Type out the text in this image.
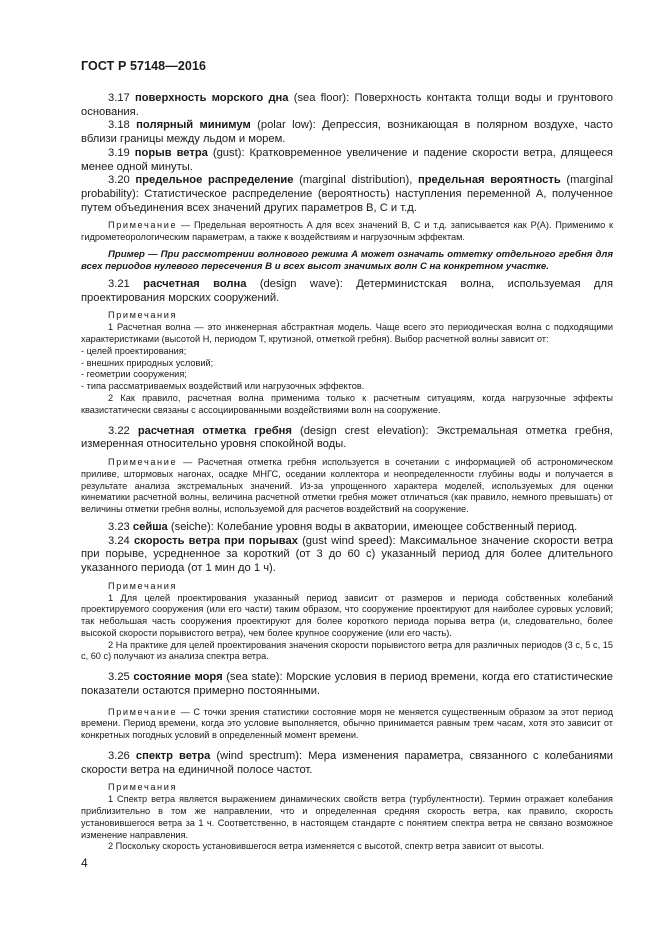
ГОСТ Р 57148—2016

3.17 поверхность морского дна (sea floor): Поверхность контакта толщи воды и грунтового основания.

3.18 полярный минимум (polar low): Депрессия, возникающая в полярном воздухе, часто вблизи границы между льдом и морем.

3.19 порыв ветра (gust): Кратковременное увеличение и падение скорости ветра, длящееся менее одной минуты.

3.20 предельное распределение (marginal distribution), предельная вероятность (marginal probability): Статистическое распределение (вероятность) наступления переменной A, полученное путем объединения всех значений других параметров B, C и т.д.

Примечание — Предельная вероятность A для всех значений B, C и т.д. записывается как P(A). Применимо к гидрометеорологическим параметрам, а также к воздействиям и нагрузочным эффектам.

Пример — При рассмотрении волнового режима A может означать отметку отдельного гребня для всех периодов нулевого пересечения B и всех высот значимых волн C на конкретном участке.

3.21 расчетная волна (design wave): Детерминистская волна, используемая для проектирования морских сооружений.

Примечания

1 Расчетная волна — это инженерная абстрактная модель. Чаще всего это периодическая волна с подходящими характеристиками (высотой H, периодом T, крутизной, отметкой гребня). Выбор расчетной волны зависит от:

- целей проектирования;

- внешних природных условий;

- геометрии сооружения;

- типа рассматриваемых воздействий или нагрузочных эффектов.

2 Как правило, расчетная волна применима только к расчетным ситуациям, когда нагрузочные эффекты квазистатически связаны с ассоциированными воздействиями волн на сооружение.

3.22 расчетная отметка гребня (design crest elevation): Экстремальная отметка гребня, измеренная относительно уровня спокойной воды.

Примечание — Расчетная отметка гребня используется в сочетании с информацией об астрономическом приливе, штормовых нагонах, осадке МНГС, оседании коллектора и неопределенности глубины воды и получается в результате анализа экстремальных значений. Из-за упрощенного характера моделей, используемых для оценки кинематики расчетной волны, величина расчетной отметки гребня может отличаться (как правило, немного превышать) от величины отметки гребня волны, используемой для расчетов воздействий на сооружение.

3.23 сейша (seiche): Колебание уровня воды в акватории, имеющее собственный период.

3.24 скорость ветра при порывах (gust wind speed): Максимальное значение скорости ветра при порыве, усредненное за короткий (от 3 до 60 с) указанный период для более длительного указанного периода (от 1 мин до 1 ч).

Примечания

1 Для целей проектирования указанный период зависит от размеров и периода собственных колебаний проектируемого сооружения (или его части) таким образом, что сооружение проектируют для наиболее суровых условий; так небольшая часть сооружения проектируют для более короткого периода порыва ветра (и, следовательно, более высокой скорости порывистого ветра), чем более крупное сооружение (или его часть).

2 На практике для целей проектирования значения скорости порывистого ветра для различных периодов (3 с, 5 с, 15 с, 60 с) получают из анализа спектра ветра.

3.25 состояние моря (sea state): Морские условия в период времени, когда его статистические показатели остаются примерно постоянными.

Примечание — С точки зрения статистики состояние моря не меняется существенным образом за этот период времени. Период времени, когда это условие выполняется, обычно принимается равным трем часам, хотя это зависит от конкретных погодных условий в определенный момент времени.

3.26 спектр ветра (wind spectrum): Мера изменения параметра, связанного с колебаниями скорости ветра на единичной полосе частот.

Примечания

1 Спектр ветра является выражением динамических свойств ветра (турбулентности). Термин отражает колебания приблизительно в том же направлении, что и определенная средняя скорость ветра, как правило, скорость установившегося ветра за 1 ч. Соответственно, в настоящем стандарте с понятием спектра ветра не связано возможное изменение направления.

2 Поскольку скорость установившегося ветра изменяется с высотой, спектр ветра зависит от высоты.

4
